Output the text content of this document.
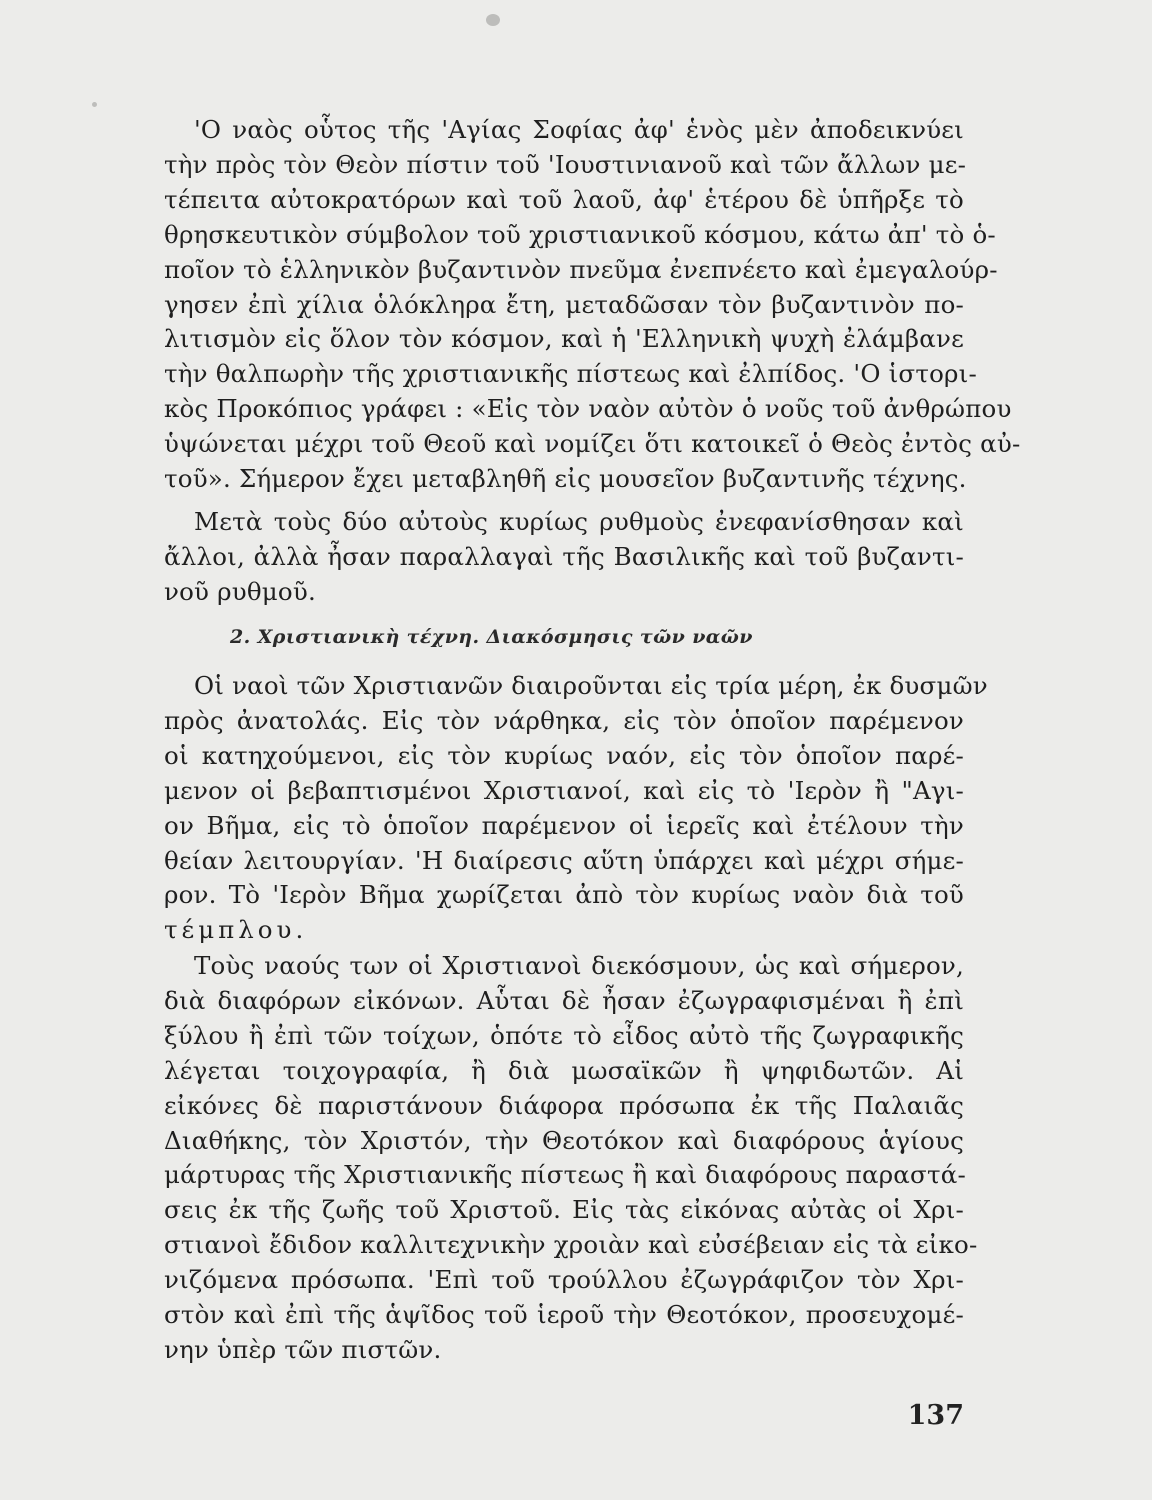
'Ο ναὸς οὗτος τῆς 'Αγίας Σοφίας ἀφ' ἑνὸς μὲν ἀποδεικνύει
τὴν πρὸς τὸν Θεὸν πίστιν τοῦ 'Ιουστινιανοῦ καὶ τῶν ἄλλων με-
τέπειτα αὐτοκρατόρων καὶ τοῦ λαοῦ, ἀφ' ἑτέρου δὲ ὑπῆρξε τὸ
θρησκευτικὸν σύμβολον τοῦ χριστιανικοῦ κόσμου, κάτω ἀπ' τὸ ὁ-
ποῖον τὸ ἑλληνικὸν βυζαντινὸν πνεῦμα ἐνεπνέετο καὶ ἐμεγαλούρ-
γησεν ἐπὶ χίλια ὁλόκληρα ἔτη, μεταδῶσαν τὸν βυζαντινὸν πο-
λιτισμὸν εἰς ὅλον τὸν κόσμον, καὶ ἡ 'Ελληνικὴ ψυχὴ ἐλάμβανε
τὴν θαλπωρὴν τῆς χριστιανικῆς πίστεως καὶ ἐλπίδος. 'Ο ἱστορι-
κὸς Προκόπιος γράφει : «Εἰς τὸν ναὸν αὐτὸν ὁ νοῦς τοῦ ἀνθρώπου
ὑψώνεται μέχρι τοῦ Θεοῦ καὶ νομίζει ὅτι κατοικεῖ ὁ Θεὸς ἐντὸς αὐ-
τοῦ». Σήμερον ἔχει μεταβληθῆ εἰς μουσεῖον βυζαντινῆς τέχνης.
Μετὰ τοὺς δύο αὐτοὺς κυρίως ρυθμοὺς ἐνεφανίσθησαν καὶ
ἄλλοι, ἀλλὰ ἦσαν παραλλαγαὶ τῆς Βασιλικῆς καὶ τοῦ βυζαντι-
νοῦ ρυθμοῦ.
2. Χριστιανικὴ τέχνη. Διακόσμησις τῶν ναῶν
Οἱ ναοὶ τῶν Χριστιανῶν διαιροῦνται εἰς τρία μέρη, ἐκ δυσμῶν
πρὸς ἀνατολάς. Εἰς τὸν νάρθηκα, εἰς τὸν ὁποῖον παρέμενον
οἱ κατηχούμενοι, εἰς τὸν κυρίως ναόν, εἰς τὸν ὁποῖον παρέ-
μενον οἱ βεβαπτισμένοι Χριστιανοί, καὶ εἰς τὸ 'Ιερὸν ἢ "Αγι-
ον Βῆμα, εἰς τὸ ὁποῖον παρέμενον οἱ ἱερεῖς καὶ ἐτέλουν τὴν
θείαν λειτουργίαν. 'Η διαίρεσις αὕτη ὑπάρχει καὶ μέχρι σήμε-
ρον. Τὸ 'Ιερὸν Βῆμα χωρίζεται ἀπὸ τὸν κυρίως ναὸν διὰ τοῦ
τέμπλου.
Τοὺς ναούς των οἱ Χριστιανοὶ διεκόσμουν, ὡς καὶ σήμερον,
διὰ διαφόρων εἰκόνων. Αὗται δὲ ἦσαν ἐζωγραφισμέναι ἢ ἐπὶ
ξύλου ἢ ἐπὶ τῶν τοίχων, ὁπότε τὸ εἶδος αὐτὸ τῆς ζωγραφικῆς
λέγεται τοιχογραφία, ἢ διὰ μωσαϊκῶν ἢ ψηφιδωτῶν. Αἱ
εἰκόνες δὲ παριστάνουν διάφορα πρόσωπα ἐκ τῆς Παλαιᾶς
Διαθήκης, τὸν Χριστόν, τὴν Θεοτόκον καὶ διαφόρους ἁγίους
μάρτυρας τῆς Χριστιανικῆς πίστεως ἢ καὶ διαφόρους παραστά-
σεις ἐκ τῆς ζωῆς τοῦ Χριστοῦ. Εἰς τὰς εἰκόνας αὐτὰς οἱ Χρι-
στιανοὶ ἔδιδον καλλιτεχνικὴν χροιὰν καὶ εὐσέβειαν εἰς τὰ εἰκο-
νιζόμενα πρόσωπα. 'Επὶ τοῦ τρούλλου ἐζωγράφιζον τὸν Χρι-
στὸν καὶ ἐπὶ τῆς ἁψῖδος τοῦ ἱεροῦ τὴν Θεοτόκον, προσευχομέ-
νην ὑπὲρ τῶν πιστῶν.
137
